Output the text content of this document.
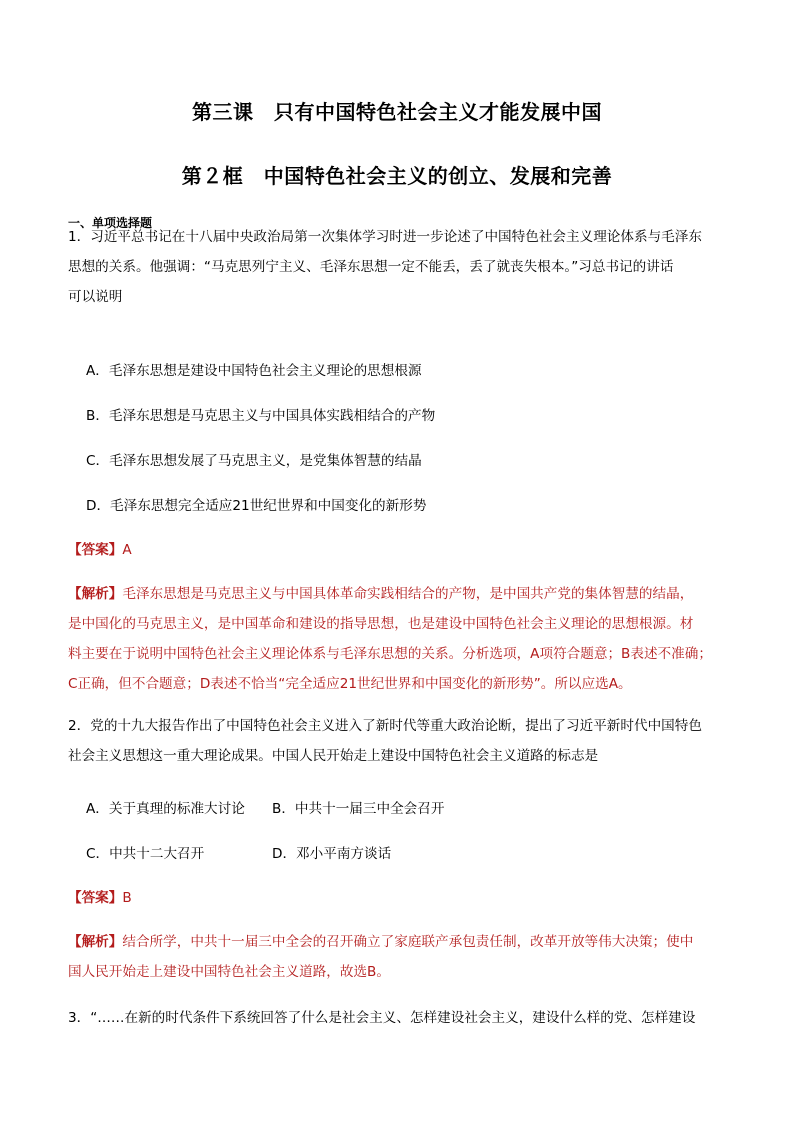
第三课　只有中国特色社会主义才能发展中国
第２框　中国特色社会主义的创立、发展和完善
一、单项选择题
1．习近平总书记在十八届中央政治局第一次集体学习时进一步论述了中国特色社会主义理论体系与毛泽东
思想的关系。他强调：“马克思列宁主义、毛泽东思想一定不能丢，丢了就丧失根本。”习总书记的讲话
可以说明
A．毛泽东思想是建设中国特色社会主义理论的思想根源
B．毛泽东思想是马克思主义与中国具体实践相结合的产物
C．毛泽东思想发展了马克思主义，是党集体智慧的结晶
D．毛泽东思想完全适应21世纪世界和中国变化的新形势
【答案】A
【解析】毛泽东思想是马克思主义与中国具体革命实践相结合的产物，是中国共产党的集体智慧的结晶，
是中国化的马克思主义，是中国革命和建设的指导思想，也是建设中国特色社会主义理论的思想根源。材
料主要在于说明中国特色社会主义理论体系与毛泽东思想的关系。分析选项，A项符合题意；B表述不准确；
C正确，但不合题意；D表述不恰当“完全适应21世纪世界和中国变化的新形势”。所以应选A。
2．党的十九大报告作出了中国特色社会主义进入了新时代等重大政治论断，提出了习近平新时代中国特色
社会主义思想这一重大理论成果。中国人民开始走上建设中国特色社会主义道路的标志是
A．关于真理的标准大讨论 B．中共十一届三中全会召开
C．中共十二大召开	D．邓小平南方谈话
【答案】B
【解析】结合所学，中共十一届三中全会的召开确立了家庭联产承包责任制，改革开放等伟大决策；使中
国人民开始走上建设中国特色社会主义道路，故选B。
3．“……在新的时代条件下系统回答了什么是社会主义、怎样建设社会主义，建设什么样的党、怎样建设
